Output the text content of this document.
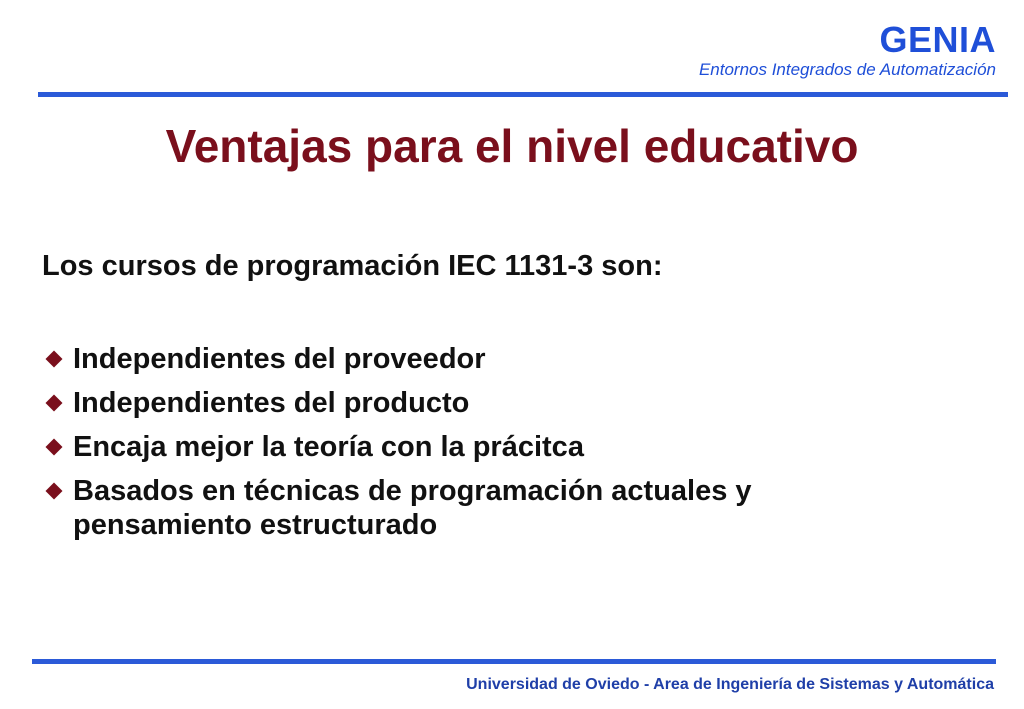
GENIA
Entornos Integrados de Automatización
Ventajas para el nivel educativo
Los cursos de programación IEC 1131-3 son:
Independientes del proveedor
Independientes del producto
Encaja mejor la teoría con la prácitca
Basados en técnicas de programación actuales y
pensamiento estructurado
Universidad de Oviedo - Area de Ingeniería de Sistemas y Automática
